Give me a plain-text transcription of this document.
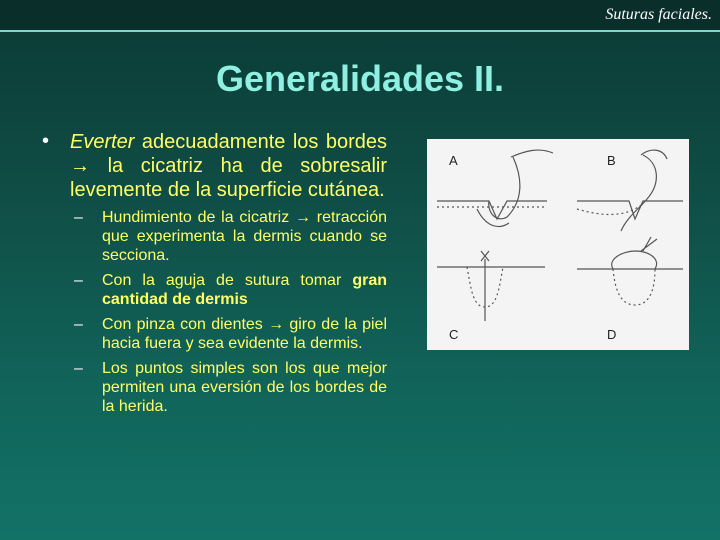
Suturas faciales.
Generalidades II.
• Everter adecuadamente los bordes → la cicatriz ha de sobresalir levemente de la superficie cutánea.
– Hundimiento de la cicatriz → retracción que experimenta la dermis cuando se secciona.
– Con la aguja de sutura tomar gran cantidad de dermis
– Con pinza con dientes → giro de la piel hacia fuera y sea evidente la dermis.
– Los puntos simples son los que mejor permiten una eversión de los bordes de la herida.
A	B
C	D
